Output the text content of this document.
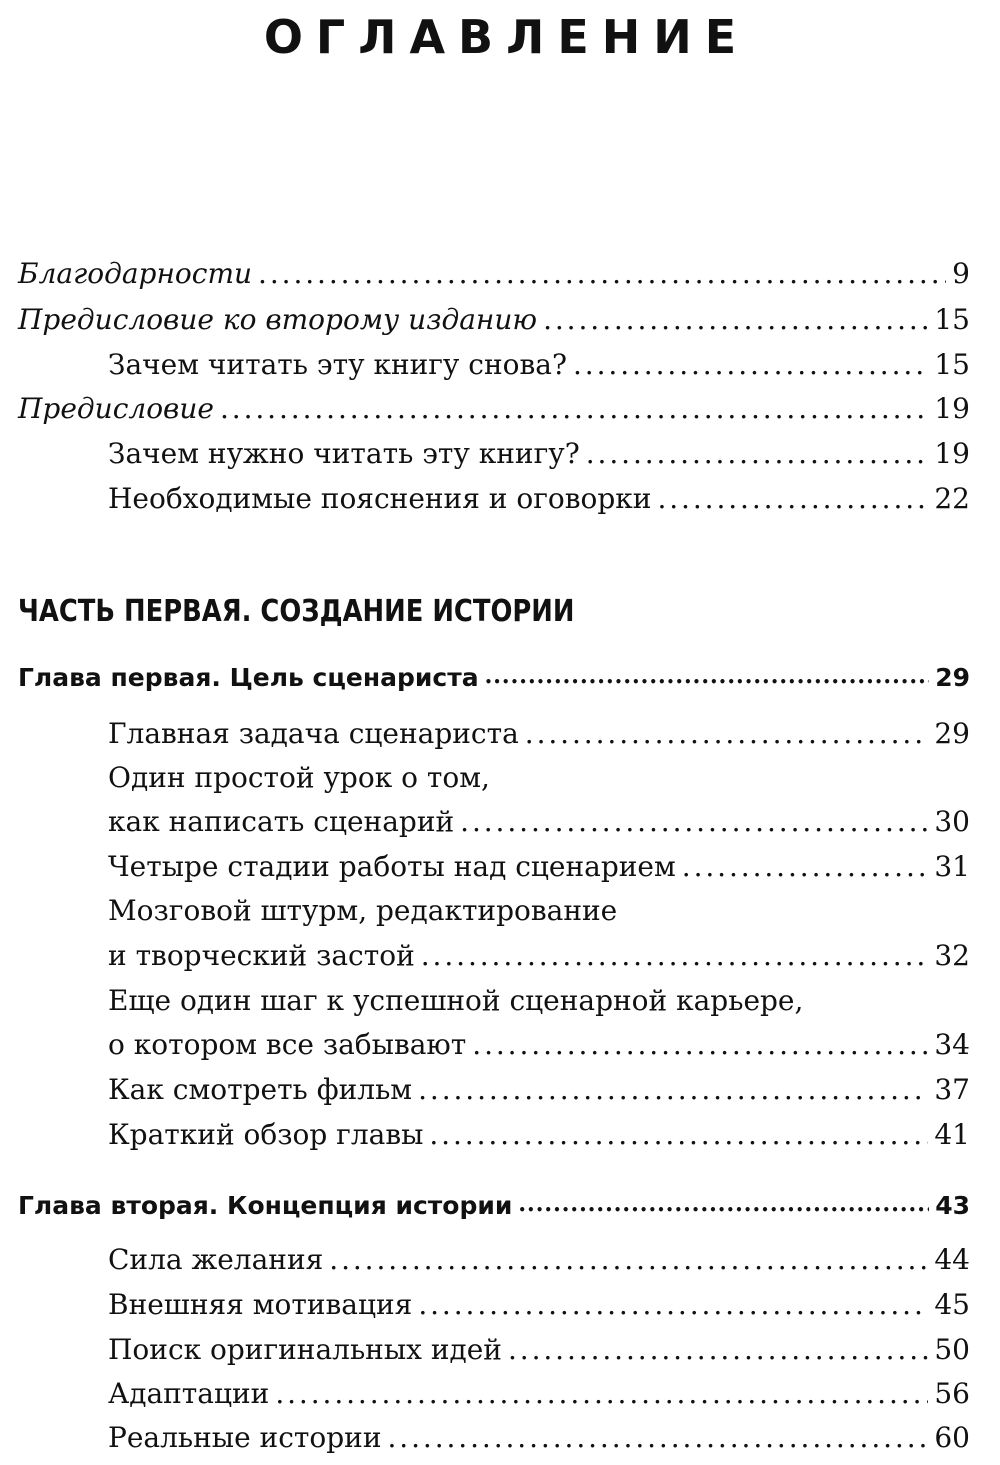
ОГЛАВЛЕНИЕ
Благодарности . . .	9
Предисловие ко второму изданию . . .	15
Зачем читать эту книгу снова? . . .	15
Предисловие . . .	19
Зачем нужно читать эту книгу? . . .	19
Необходимые пояснения и оговорки . . .	22
ЧАСТЬ ПЕРВАЯ. СОЗДАНИЕ ИСТОРИИ
Глава первая. Цель сценариста •••••	29
Главная задача сценариста . . .	29
Один простой урок о том,
как написать сценарий . . .	30
Четыре стадии работы над сценарием . . .	31
Мозговой штурм, редактирование
и творческий застой . . .	32
Еще один шаг к успешной сценарной карьере,
о котором все забывают . . .	34
Как смотреть фильм . . .	37
Краткий обзор главы . . .	41
Глава вторая. Концепция истории •••••	43
Сила желания . . .	44
Внешняя мотивация . . .	45
Поиск оригинальных идей . . .	50
Адаптации . . .	56
Реальные истории . . .	60
